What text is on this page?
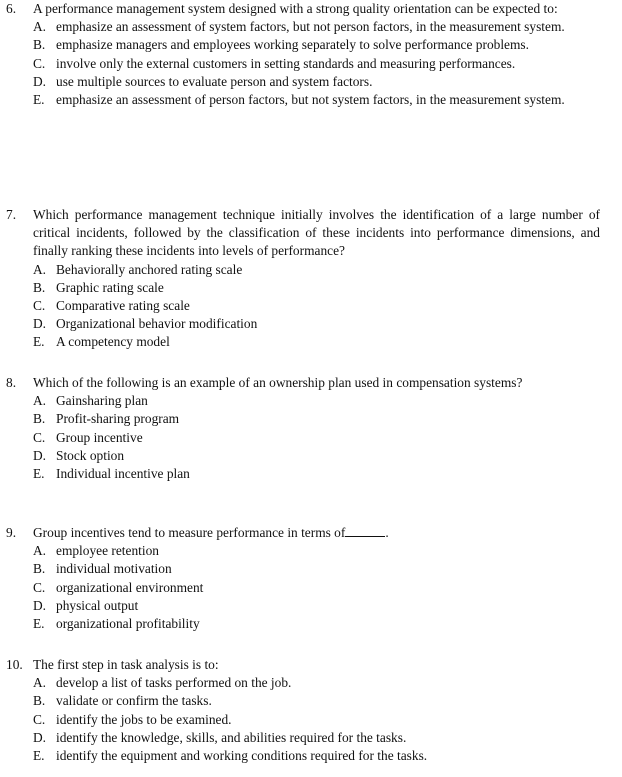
6. A performance management system designed with a strong quality orientation can be expected to:
A. emphasize an assessment of system factors, but not person factors, in the measurement system.
B. emphasize managers and employees working separately to solve performance problems.
C. involve only the external customers in setting standards and measuring performances.
D. use multiple sources to evaluate person and system factors.
E. emphasize an assessment of person factors, but not system factors, in the measurement system.
7. Which performance management technique initially involves the identification of a large number of critical incidents, followed by the classification of these incidents into performance dimensions, and finally ranking these incidents into levels of performance?
A. Behaviorally anchored rating scale
B. Graphic rating scale
C. Comparative rating scale
D. Organizational behavior modification
E. A competency model
8. Which of the following is an example of an ownership plan used in compensation systems?
A. Gainsharing plan
B. Profit-sharing program
C. Group incentive
D. Stock option
E. Individual incentive plan
9. Group incentives tend to measure performance in terms of	.
A. employee retention
B. individual motivation
C. organizational environment
D. physical output
E. organizational profitability
10. The first step in task analysis is to:
A. develop a list of tasks performed on the job.
B. validate or confirm the tasks.
C. identify the jobs to be examined.
D. identify the knowledge, skills, and abilities required for the tasks.
E. identify the equipment and working conditions required for the tasks.
